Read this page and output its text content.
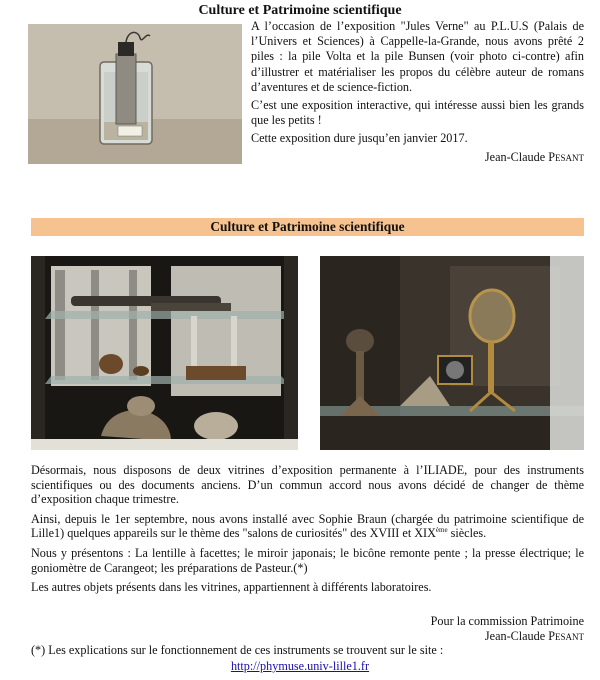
Culture et Patrimoine scientifique

A l’occasion de l’exposition "Jules Verne" au P.L.U.S (Palais de l’Univers et Sciences) à Cappelle-la-Grande, nous avons prêté 2 piles : la pile Volta et la pile Bunsen (voir photo ci-contre) afin d’illustrer et matérialiser les propos du célèbre auteur de romans d’aventures et de science-fiction.

C’est une exposition interactive, qui intéresse aussi bien les grands que les petits !

Cette exposition dure jusqu’en janvier 2017.

Jean-Claude Pesant
Culture et Patrimoine scientifique

Désormais, nous disposons de deux vitrines d’exposition permanente à l’ILIADE, pour des instruments scientifiques ou des documents anciens. D’un commun accord nous avons décidé de changer de thème d’exposition chaque trimestre.

Ainsi, depuis le 1er septembre, nous avons installé avec Sophie Braun (chargée du patrimoine scientifique de Lille1) quelques appareils sur le thème des "salons de curiosités" des XVIII et XIXème siècles.

Nous y présentons : La lentille à facettes; le miroir japonais; le bicône remonte pente ; la presse électrique; le goniomètre de Carangeot; les préparations de Pasteur.(*)

Les autres objets présents dans les vitrines, appartiennent à différents laboratoires.

Pour la commission Patrimoine
Jean-Claude Pesant
(*) Les explications sur le fonctionnement de ces instruments se trouvent sur le site :
http://phymuse.univ-lille1.fr
